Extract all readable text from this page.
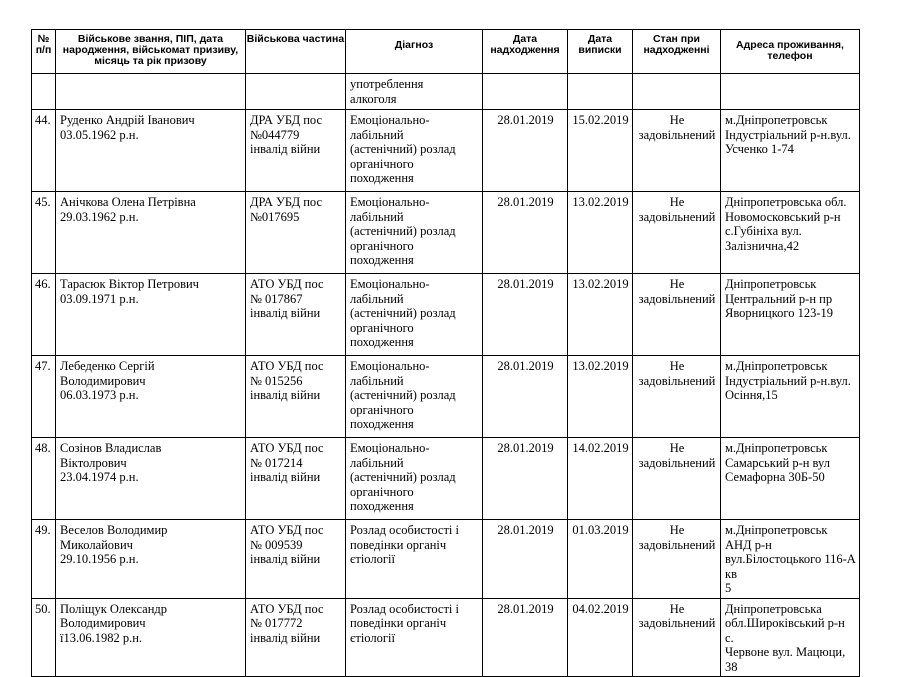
№
п/п	Військове звання, ПІП, дата народження, військомат призиву, місяць та рік призову	Військова частина	Діагноз	Дата надходження	Дата виписки	Стан при надходженні	Адреса проживання, телефон
			употреблення
алкоголя				
44.	Руденко Андрій Іванович
03.05.1962 р.н.	ДРА УБД пос
№044779
інвалід війни	Емоціонально-
лабільний
(астенічний) розлад
органічного
походження	28.01.2019	15.02.2019	Не
задовільнений	м.Дніпропетровськ
Індустріальний р-н.вул.
Усченко 1-74
45.	Анічкова Олена Петрівна
29.03.1962 р.н.	ДРА УБД пос
№017695	Емоціонально-
лабільний
(астенічний) розлад
органічного
походження	28.01.2019	13.02.2019	Не
задовільнений	Дніпропетровська обл.
Новомосковський р-н
с.Губініха вул.
Залізнична,42
46.	Тарасюк Віктор Петрович
03.09.1971 р.н.	АТО УБД пос
№ 017867
інвалід війни	Емоціонально-
лабільний
(астенічний) розлад
органічного
походження	28.01.2019	13.02.2019	Не
задовільнений	Дніпропетровськ
Центральний р-н пр
Яворницкого 123-19
47.	Лебеденко Сергій
Володимирович
06.03.1973 р.н.	АТО УБД пос
№ 015256
інвалід війни	Емоціонально-
лабільний
(астенічний) розлад
органічного
походження	28.01.2019	13.02.2019	Не
задовільнений	м.Дніпропетровськ
Індустріальний р-н.вул.
Осіння,15
48.	Созінов Владислав
Віктолрович
23.04.1974 р.н.	АТО УБД пос
№ 017214
інвалід війни	Емоціонально-
лабільний
(астенічний) розлад
органічного
походження	28.01.2019	14.02.2019	Не
задовільнений	м.Дніпропетровськ
Самарський р-н вул
Семафорна 30Б-50
49.	Веселов Володимир
Миколайович
29.10.1956 р.н.	АТО УБД пос
№ 009539
інвалід війни	Розлад особистості і
поведінки органіч
єтіології	28.01.2019	01.03.2019	Не
задовільнений	м.Дніпропетровськ АНД р-н
вул.Білостоцького 116-А кв
5
50.	Поліщук Олександр
Володимирович
ї13.06.1982 р.н.	АТО УБД пос
№ 017772
інвалід війни	Розлад особистості і
поведінки органіч
єтіології	28.01.2019	04.02.2019	Не
задовільнений	Дніпропетровська
обл.Широківський р-н с.
Червоне вул. Мацюци, 38
